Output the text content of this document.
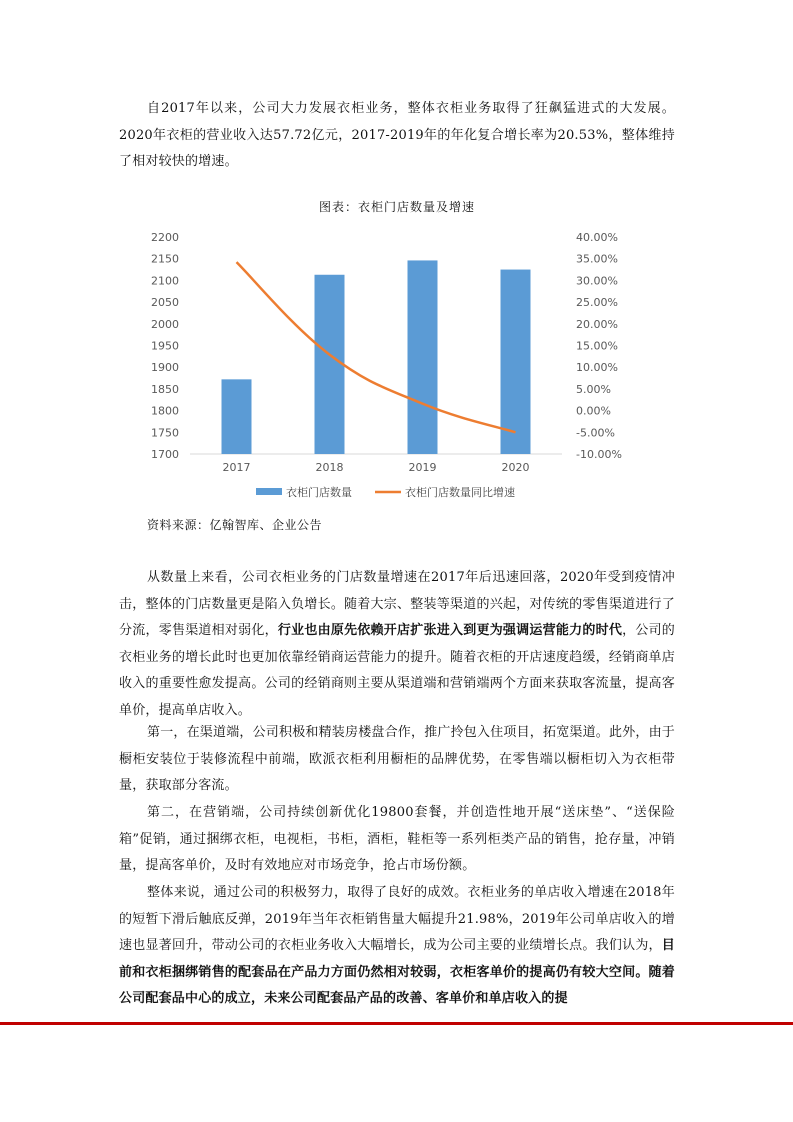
自2017年以来，公司大力发展衣柜业务，整体衣柜业务取得了狂飙猛进式的大发展。2020年衣柜的营业收入达57.72亿元，2017-2019年的年化复合增长率为20.53%，整体维持了相对较快的增速。

图表：衣柜门店数量及增速
2200
2150
2100
2050
2000
1950
1900
1850
1800
1750
1700
40.00%
35.00%
30.00%
25.00%
20.00%
15.00%
10.00%
5.00%
0.00%
-5.00%
-10.00%
2017	2018	2019	2020
衣柜门店数量	衣柜门店数量同比增速
资料来源：亿翰智库、企业公告

从数量上来看，公司衣柜业务的门店数量增速在2017年后迅速回落，2020年受到疫情冲击，整体的门店数量更是陷入负增长。随着大宗、整装等渠道的兴起，对传统的零售渠道进行了分流，零售渠道相对弱化，行业也由原先依赖开店扩张进入到更为强调运营能力的时代，公司的衣柜业务的增长此时也更加依靠经销商运营能力的提升。随着衣柜的开店速度趋缓，经销商单店收入的重要性愈发提高。公司的经销商则主要从渠道端和营销端两个方面来获取客流量，提高客单价，提高单店收入。

第一，在渠道端，公司积极和精装房楼盘合作，推广拎包入住项目，拓宽渠道。此外，由于橱柜安装位于装修流程中前端，欧派衣柜利用橱柜的品牌优势，在零售端以橱柜切入为衣柜带量，获取部分客流。

第二，在营销端，公司持续创新优化19800套餐，并创造性地开展“送床垫”、“送保险箱”促销，通过捆绑衣柜，电视柜，书柜，酒柜，鞋柜等一系列柜类产品的销售，抢存量，冲销量，提高客单价，及时有效地应对市场竞争，抢占市场份额。

整体来说，通过公司的积极努力，取得了良好的成效。衣柜业务的单店收入增速在2018年的短暂下滑后触底反弹，2019年当年衣柜销售量大幅提升21.98%，2019年公司单店收入的增速也显著回升，带动公司的衣柜业务收入大幅增长，成为公司主要的业绩增长点。我们认为，目前和衣柜捆绑销售的配套品在产品力方面仍然相对较弱，衣柜客单价的提高仍有较大空间。随着公司配套品中心的成立，未来公司配套品产品的改善、客单价和单店收入的提
